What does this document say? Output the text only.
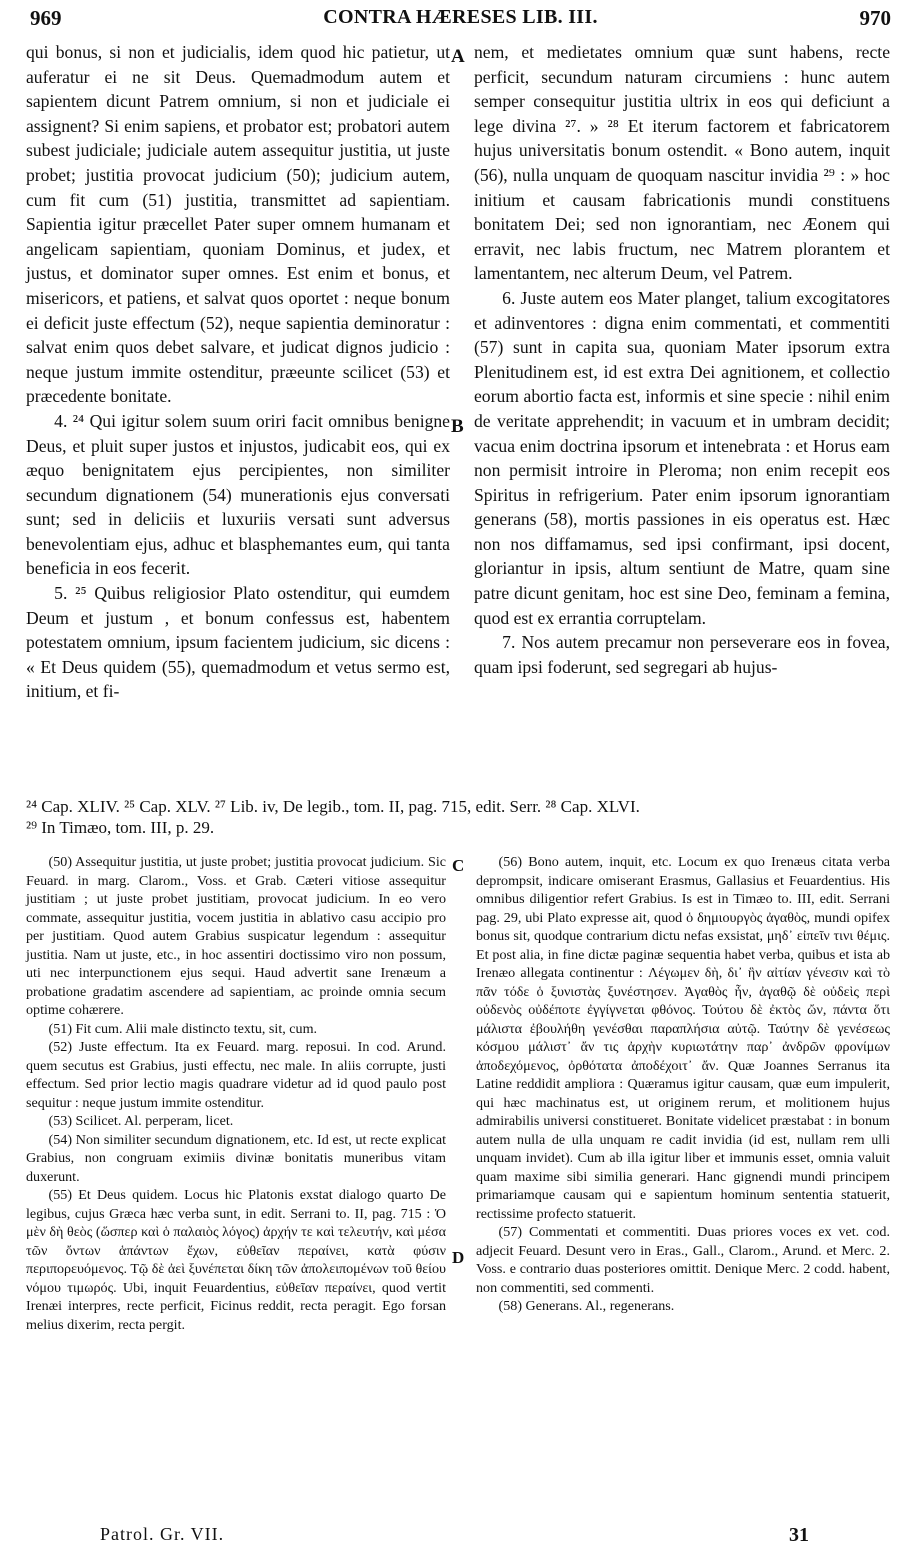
969	CONTRA HÆRESES LIB. III.	970

qui bonus, si non et judicialis, idem quod hic patietur, ut auferatur ei ne sit Deus. Quemadmodum autem et sapientem dicunt Patrem omnium, si non et judiciale ei assignent? Si enim sapiens, et probator est; probatori autem subest judiciale; judiciale autem assequitur justitia, ut juste probet; justitia provocat judicium (50); judicium autem, cum fit cum (51) justitia, transmittet ad sapientiam. Sapientia igitur præcellet Pater super omnem humanam et angelicam sapientiam, quoniam Dominus, et judex, et justus, et dominator super omnes. Est enim et bonus, et misericors, et patiens, et salvat quos oportet : neque bonum ei deficit juste effectum (52), neque sapientia deminoratur : salvat enim quos debet salvare, et judicat dignos judicio : neque justum immite ostenditur, præeunte scilicet (53) et præcedente bonitate.

4. ²⁴ Qui igitur solem suum oriri facit omnibus benigne Deus, et pluit super justos et injustos, judicabit eos, qui ex æquo benignitatem ejus percipientes, non similiter secundum dignationem (54) munerationis ejus conversati sunt; sed in deliciis et luxuriis versati sunt adversus benevolentiam ejus, adhuc et blasphemantes eum, qui tanta beneficia in eos fecerit.

5. ²⁵ Quibus religiosior Plato ostenditur, qui eumdem Deum et justum , et bonum confessus est, habentem potestatem omnium, ipsum facientem judicium, sic dicens : « Et Deus quidem (55), quemadmodum et vetus sermo est, initium, et fi-

A
B

nem, et medietates omnium quæ sunt habens, recte perficit, secundum naturam circumiens : hunc autem semper consequitur justitia ultrix in eos qui deficiunt a lege divina ²⁷. » ²⁸ Et iterum factorem et fabricatorem hujus universitatis bonum ostendit. « Bono autem, inquit (56), nulla unquam de quoquam nascitur invidia ²⁹ : » hoc initium et causam fabricationis mundi constituens bonitatem Dei; sed non ignorantiam, nec Æonem qui erravit, nec labis fructum, nec Matrem plorantem et lamentantem, nec alterum Deum, vel Patrem.

6. Juste autem eos Mater planget, talium excogitatores et adinventores : digna enim commentati, et commentiti (57) sunt in capita sua, quoniam Mater ipsorum extra Plenitudinem est, id est extra Dei agnitionem, et collectio eorum abortio facta est, informis et sine specie : nihil enim de veritate apprehendit; in vacuum et in umbram decidit; vacua enim doctrina ipsorum et intenebrata : et Horus eam non permisit introire in Pleroma; non enim recepit eos Spiritus in refrigerium. Pater enim ipsorum ignorantiam generans (58), mortis passiones in eis operatus est. Hæc non nos diffamamus, sed ipsi confirmant, ipsi docent, gloriantur in ipsis, altum sentiunt de Matre, quam sine patre dicunt genitam, hoc est sine Deo, feminam a femina, quod est ex errantia corruptelam.

7. Nos autem precamur non perseverare eos in fovea, quam ipsi foderunt, sed segregari ab hujus-

²⁴ Cap. XLIV. ²⁵ Cap. XLV. ²⁷ Lib. iv, De legib., tom. II, pag. 715, edit. Serr. ²⁸ Cap. XLVI.
²⁹ In Timæo, tom. III, p. 29.

(50) Assequitur justitia, ut juste probet; justitia provocat judicium. Sic Feuard. in marg. Clarom., Voss. et Grab. Cæteri vitiose assequitur justitiam ; ut juste probet justitiam, provocat judicium. In eo vero commate, assequitur justitia, vocem justitia in ablativo casu accipio pro per justitiam. Quod autem Grabius suspicatur legendum : assequitur justitia. Nam ut juste, etc., in hoc assentiri doctissimo viro non possum, uti nec interpunctionem ejus sequi. Haud advertit sane Irenæum a probatione gradatim ascendere ad sapientiam, ac proinde omnia secum optime cohærere.

(51) Fit cum. Alii male distincto textu, sit, cum.

(52) Juste effectum. Ita ex Feuard. marg. reposui. In cod. Arund. quem secutus est Grabius, justi effectu, nec male. In aliis corrupte, justi effectum. Sed prior lectio magis quadrare videtur ad id quod paulo post sequitur : neque justum immite ostenditur.

(53) Scilicet. Al. perperam, licet.

(54) Non similiter secundum dignationem, etc. Id est, ut recte explicat Grabius, non congruam eximiis divinæ bonitatis muneribus vitam duxerunt.

(55) Et Deus quidem. Locus hic Platonis exstat dialogo quarto De legibus, cujus Græca hæc verba sunt, in edit. Serrani to. II, pag. 715 : Ὁ μὲν δὴ θεὸς (ὥσπερ καὶ ὁ παλαιὸς λόγος) ἀρχήν τε καὶ τελευτήν, καὶ μέσα τῶν ὄντων ἁπάντων ἔχων, εὐθεῖαν περαίνει, κατὰ φύσιν περιπορευόμενος. Τῷ δὲ ἀεὶ ξυνέπεται δίκη τῶν ἀπολειπομένων τοῦ θείου νόμου τιμωρός. Ubi, inquit Feuardentius, εὐθεῖαν περαίνει, quod vertit Irenæi interpres, recte perficit, Ficinus reddit, recta peragit. Ego forsan melius dixerim, recta pergit.

C
D

(56) Bono autem, inquit, etc. Locum ex quo Irenæus citata verba deprompsit, indicare omiserant Erasmus, Gallasius et Feuardentius. His omnibus diligentior refert Grabius. Is est in Timæo to. III, edit. Serrani pag. 29, ubi Plato expresse ait, quod ὁ δημιουργὸς ἀγαθὸς, mundi opifex bonus sit, quodque contrarium dictu nefas exsistat, μηδ᾽ εἰπεῖν τινι θέμις. Et post alia, in fine dictæ paginæ sequentia habet verba, quibus et ista ab Irenæo allegata continentur : Λέγωμεν δὴ, δι᾽ ἣν αἰτίαν γένεσιν καὶ τὸ πᾶν τόδε ὁ ξυνιστὰς ξυνέστησεν. Ἀγαθὸς ἦν, ἀγαθῷ δὲ οὐδεὶς περὶ οὐδενὸς οὐδέποτε ἐγγίγνεται φθόνος. Τούτου δὲ ἐκτὸς ὤν, πάντα ὅτι μάλιστα ἐβουλήθη γενέσθαι παραπλήσια αὐτῷ. Ταύτην δὲ γενέσεως κόσμου μάλιστ᾽ ἄν τις ἀρχὴν κυριωτάτην παρ᾽ ἀνδρῶν φρονίμων ἀποδεχόμενος, ὀρθότατα ἀποδέχοιτ᾽ ἄν. Quæ Joannes Serranus ita Latine reddidit ampliora : Quæramus igitur causam, quæ eum impulerit, qui hæc machinatus est, ut originem rerum, et molitionem hujus admirabilis universi constitueret. Bonitate videlicet præstabat : in bonum autem nulla de ulla unquam re cadit invidia (id est, nullam rem ulli unquam invidet). Cum ab illa igitur liber et immunis esset, omnia valuit quam maxime sibi similia generari. Hanc gignendi mundi principem primariamque causam qui e sapientum hominum sententia statuerit, rectissime profecto statuerit.

(57) Commentati et commentiti. Duas priores voces ex vet. cod. adjecit Feuard. Desunt vero in Eras., Gall., Clarom., Arund. et Merc. 2. Voss. e contrario duas posteriores omittit. Denique Merc. 2 codd. habent, non commentiti, sed commenti.

(58) Generans. Al., regenerans.

Patrol. Gr. VII.	31
